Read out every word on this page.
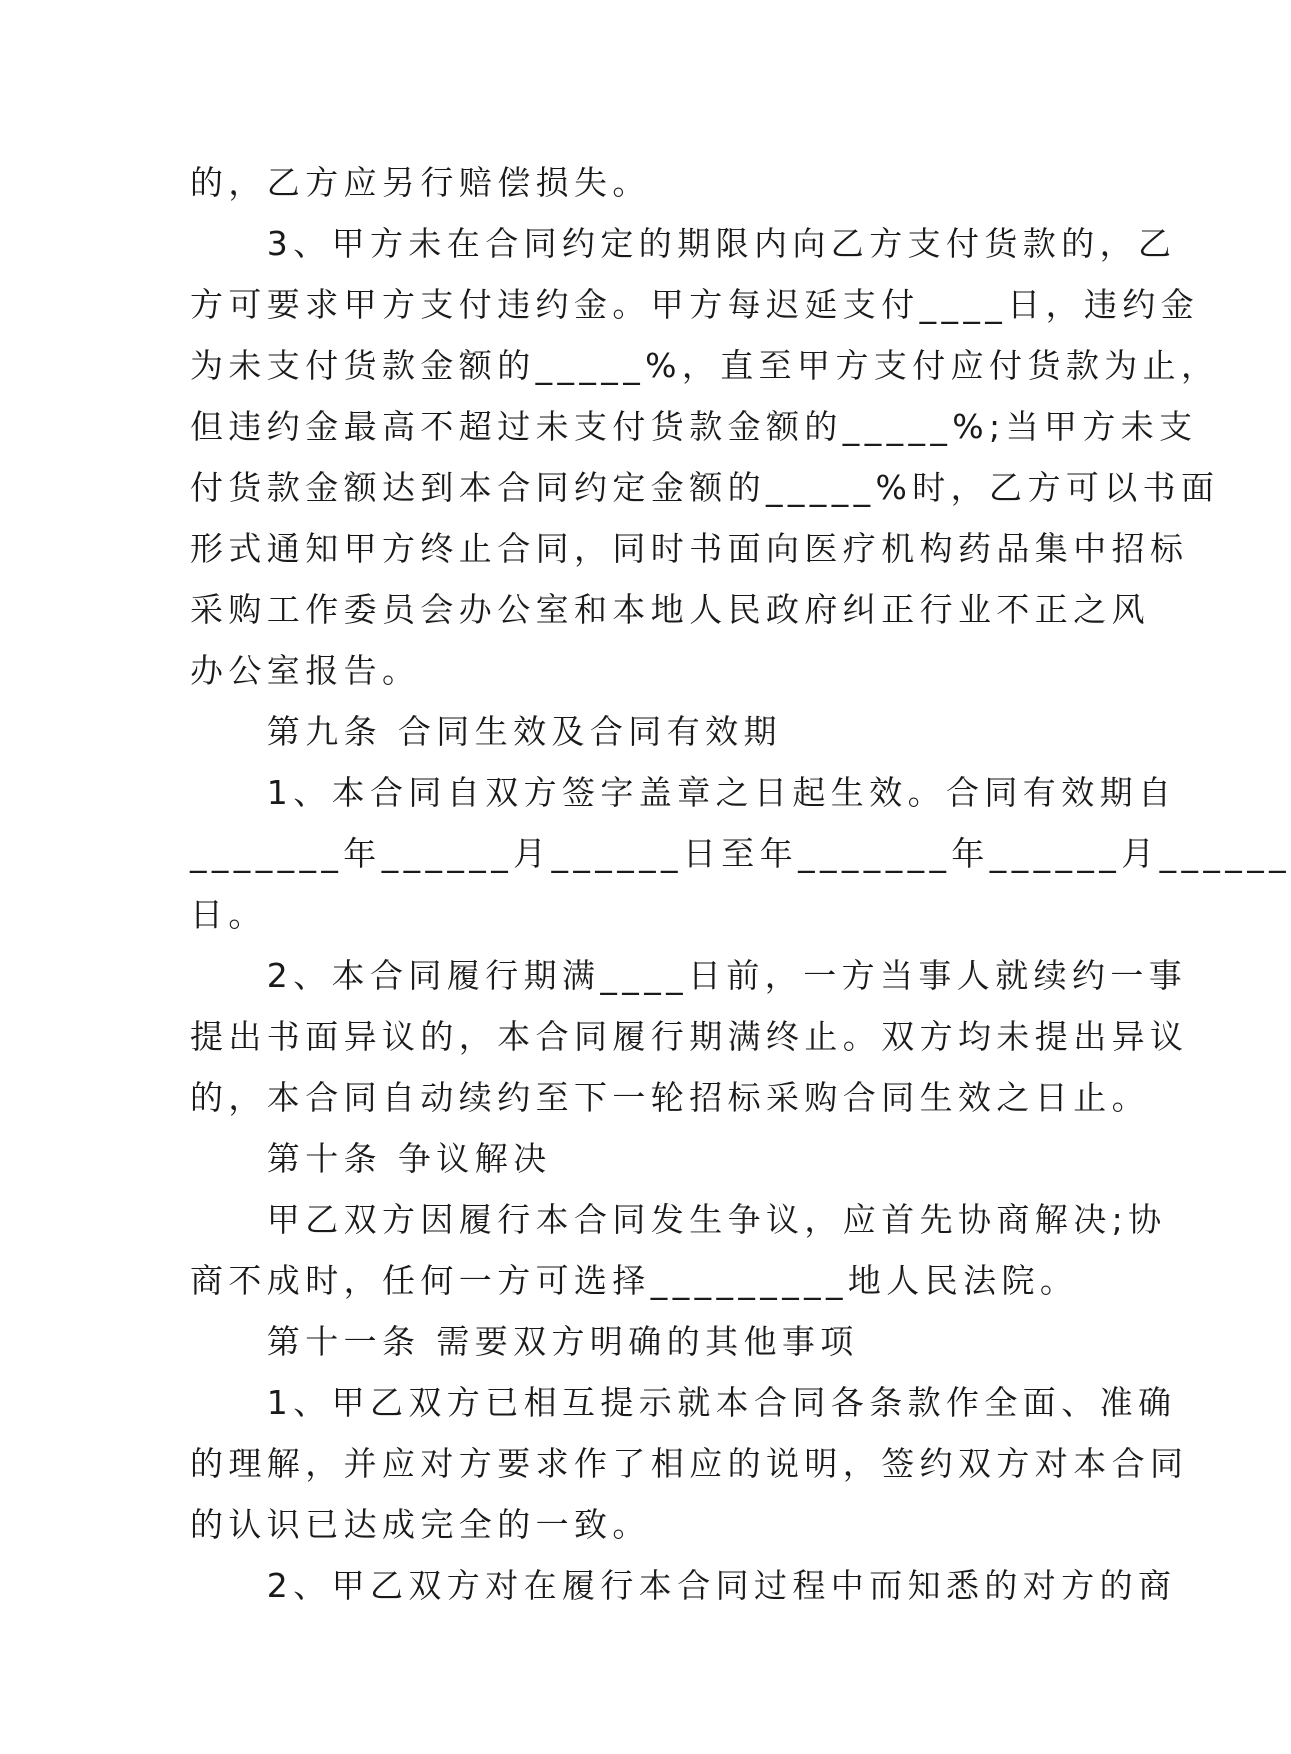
的，乙方应另行赔偿损失。
　　3、甲方未在合同约定的期限内向乙方支付货款的，乙
方可要求甲方支付违约金。甲方每迟延支付____日，违约金
为未支付货款金额的_____%，直至甲方支付应付货款为止，
但违约金最高不超过未支付货款金额的_____%;当甲方未支
付货款金额达到本合同约定金额的_____%时，乙方可以书面
形式通知甲方终止合同，同时书面向医疗机构药品集中招标
采购工作委员会办公室和本地人民政府纠正行业不正之风
办公室报告。
　　第九条 合同生效及合同有效期
　　1、本合同自双方签字盖章之日起生效。合同有效期自
_______年______月______日至年_______年______月______
日。
　　2、本合同履行期满____日前，一方当事人就续约一事
提出书面异议的，本合同履行期满终止。双方均未提出异议
的，本合同自动续约至下一轮招标采购合同生效之日止。
　　第十条 争议解决
　　甲乙双方因履行本合同发生争议，应首先协商解决;协
商不成时，任何一方可选择_________地人民法院。
　　第十一条 需要双方明确的其他事项
　　1、甲乙双方已相互提示就本合同各条款作全面、准确
的理解，并应对方要求作了相应的说明，签约双方对本合同
的认识已达成完全的一致。
　　2、甲乙双方对在履行本合同过程中而知悉的对方的商
